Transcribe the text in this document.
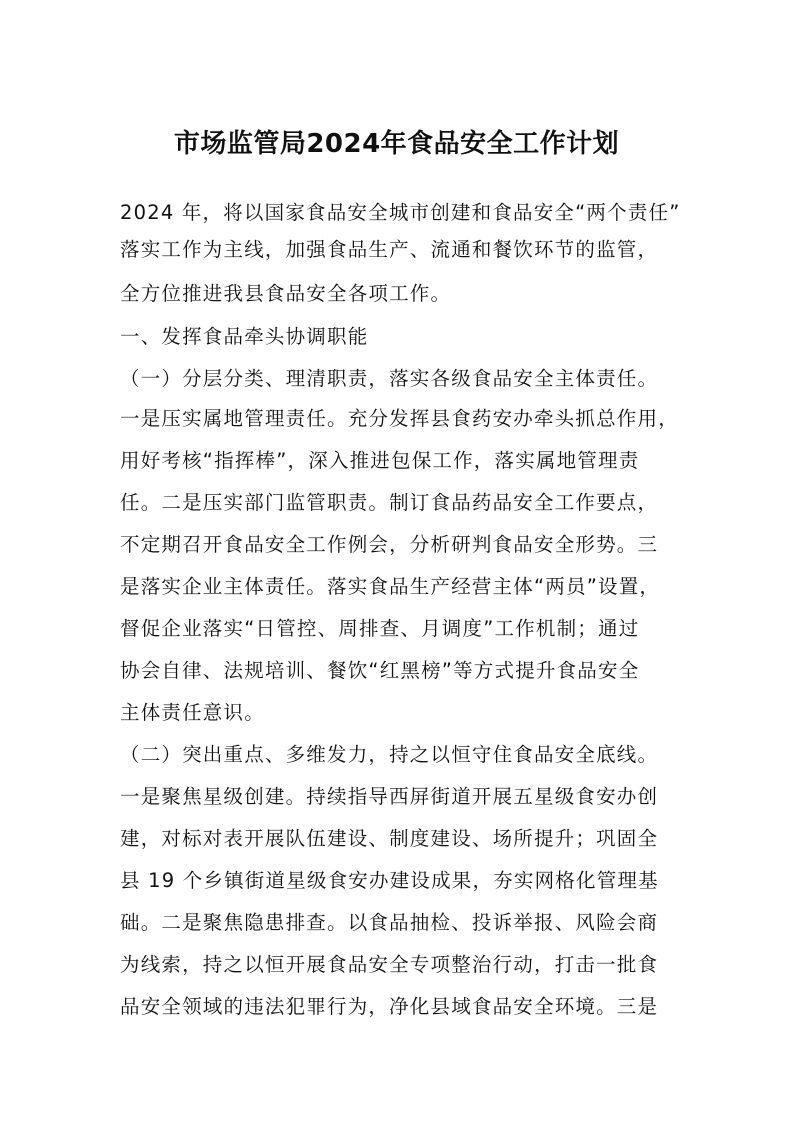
市场监管局2024年食品安全工作计划
2024 年，将以国家食品安全城市创建和食品安全“两个责任”
落实工作为主线，加强食品生产、流通和餐饮环节的监管，
全方位推进我县食品安全各项工作。
一、发挥食品牵头协调职能
（一）分层分类、理清职责，落实各级食品安全主体责任。
一是压实属地管理责任。充分发挥县食药安办牵头抓总作用，
用好考核“指挥棒”，深入推进包保工作，落实属地管理责
任。二是压实部门监管职责。制订食品药品安全工作要点，
不定期召开食品安全工作例会，分析研判食品安全形势。三
是落实企业主体责任。落实食品生产经营主体“两员”设置，
督促企业落实“日管控、周排查、月调度”工作机制；通过
协会自律、法规培训、餐饮“红黑榜”等方式提升食品安全
主体责任意识。
（二）突出重点、多维发力，持之以恒守住食品安全底线。
一是聚焦星级创建。持续指导西屏街道开展五星级食安办创
建，对标对表开展队伍建设、制度建设、场所提升；巩固全
县 19 个乡镇街道星级食安办建设成果，夯实网格化管理基
础。二是聚焦隐患排查。以食品抽检、投诉举报、风险会商
为线索，持之以恒开展食品安全专项整治行动，打击一批食
品安全领域的违法犯罪行为，净化县域食品安全环境。三是
